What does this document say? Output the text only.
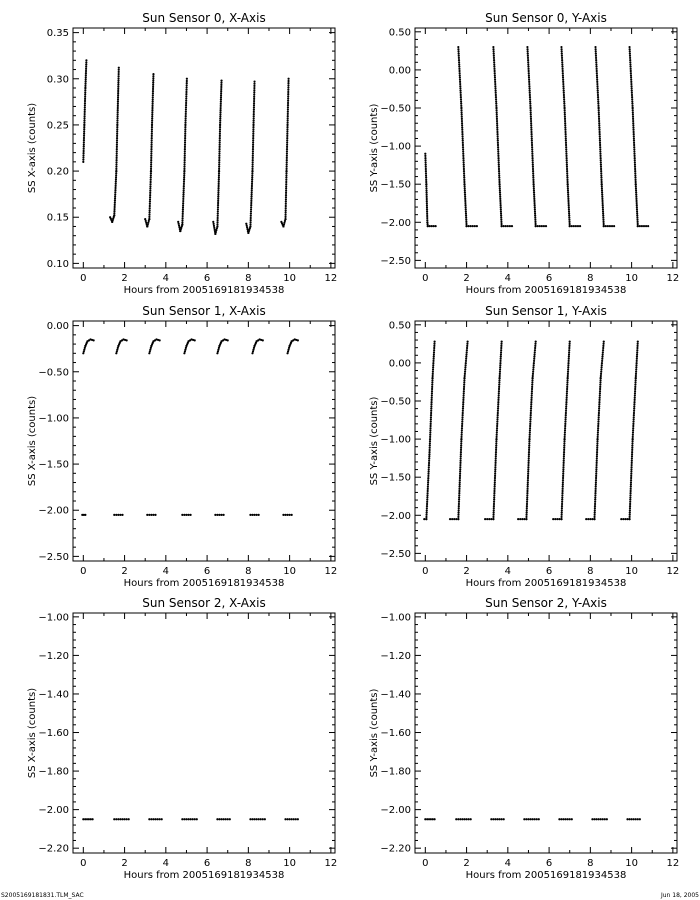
Sun Sensor 0, X-Axis
0	2	4	6	8	10	12
0.10
0.15
0.20
0.25
0.30
0.35
Hours from 2005169181934538
SS X-axis (counts)
Sun Sensor 0, Y-Axis
0	2	4	6	8	10	12
−2.50
−2.00
−1.50
−1.00
−0.50
0.00
0.50
Hours from 2005169181934538
SS Y-axis (counts)
Sun Sensor 1, X-Axis
0	2	4	6	8	10	12
−2.50
−2.00
−1.50
−1.00
−0.50
0.00
Hours from 2005169181934538
SS X-axis (counts)
Sun Sensor 1, Y-Axis
0	2	4	6	8	10	12
−2.50
−2.00
−1.50
−1.00
−0.50
0.00
0.50
Hours from 2005169181934538
SS Y-axis (counts)
Sun Sensor 2, X-Axis
0	2	4	6	8	10	12
−2.20
−2.00
−1.80
−1.60
−1.40
−1.20
−1.00
Hours from 2005169181934538
SS X-axis (counts)
Sun Sensor 2, Y-Axis
0	2	4	6	8	10	12
−2.20
−2.00
−1.80
−1.60
−1.40
−1.20
−1.00
Hours from 2005169181934538
SS Y-axis (counts)
S2005169181831.TLM_SAC	Jun 18, 2005
